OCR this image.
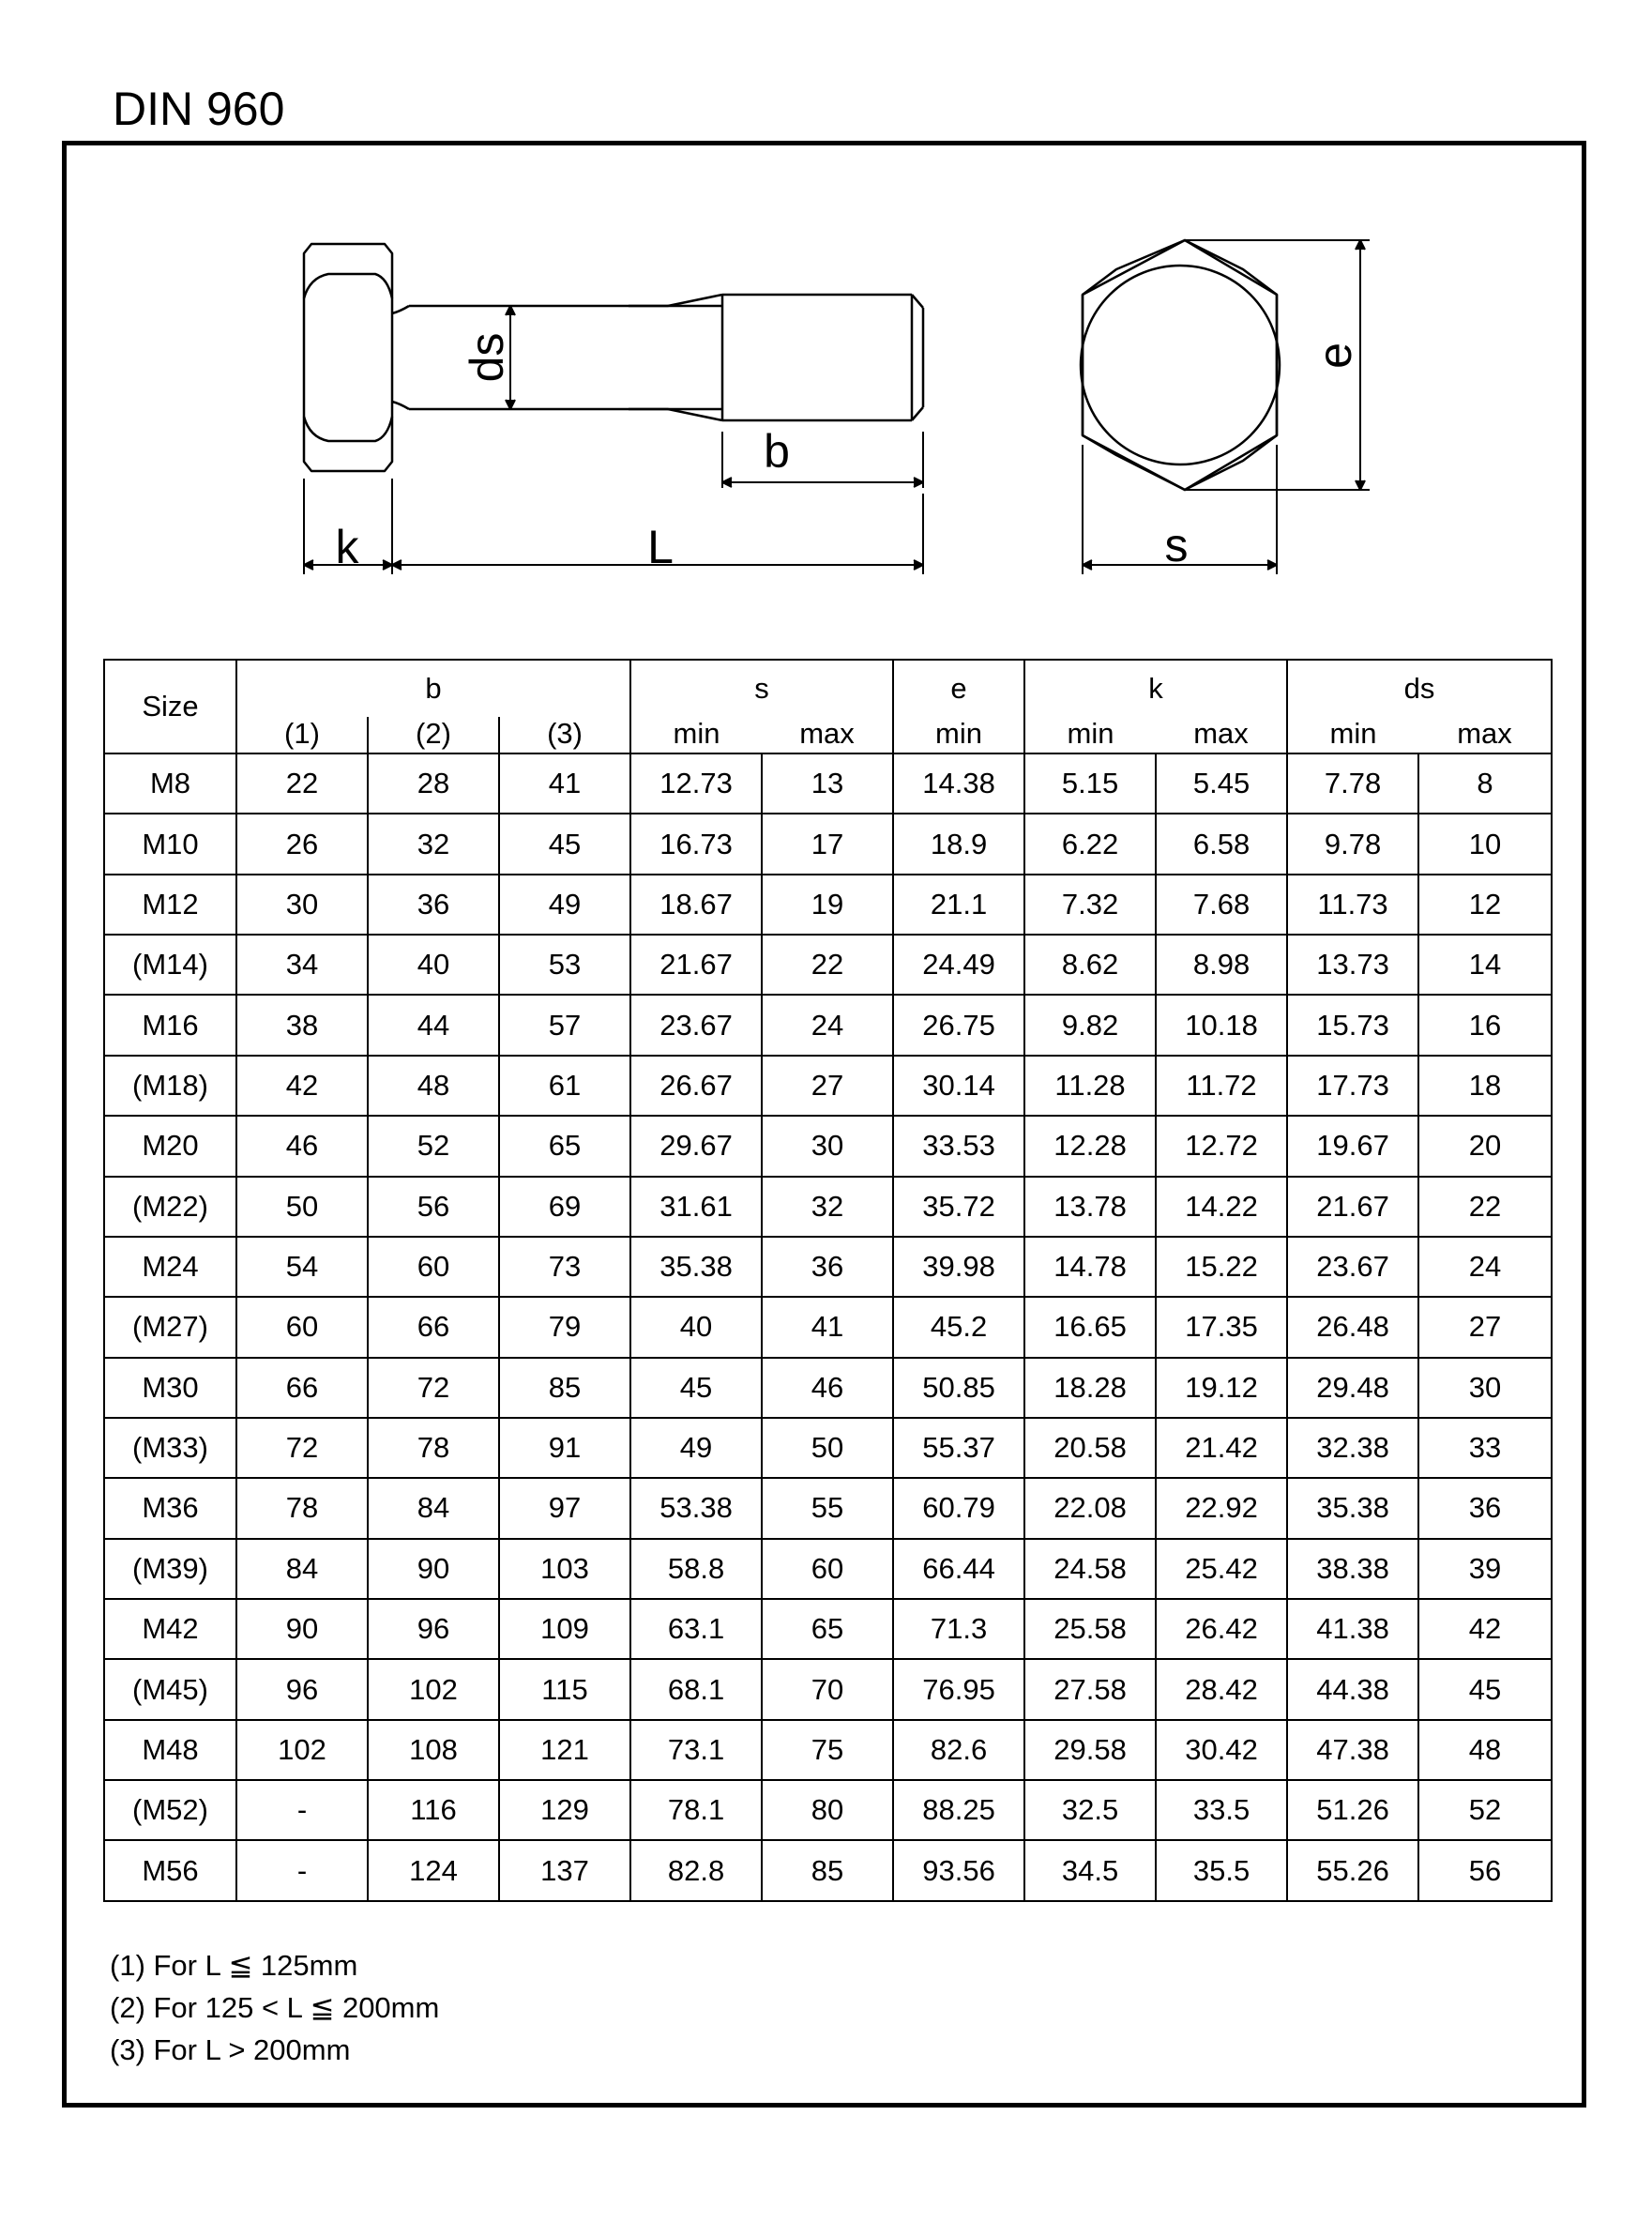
DIN 960
ds
b
k	L
e
s
Size	b			s		e	k		ds	
	(1)	(2)	(3)	min	max	min	min	max	min	max
M8	22	28	41	12.73	13	14.38	5.15	5.45	7.78	8
M10	26	32	45	16.73	17	18.9	6.22	6.58	9.78	10
M12	30	36	49	18.67	19	21.1	7.32	7.68	11.73	12
(M14)	34	40	53	21.67	22	24.49	8.62	8.98	13.73	14
M16	38	44	57	23.67	24	26.75	9.82	10.18	15.73	16
(M18)	42	48	61	26.67	27	30.14	11.28	11.72	17.73	18
M20	46	52	65	29.67	30	33.53	12.28	12.72	19.67	20
(M22)	50	56	69	31.61	32	35.72	13.78	14.22	21.67	22
M24	54	60	73	35.38	36	39.98	14.78	15.22	23.67	24
(M27)	60	66	79	40	41	45.2	16.65	17.35	26.48	27
M30	66	72	85	45	46	50.85	18.28	19.12	29.48	30
(M33)	72	78	91	49	50	55.37	20.58	21.42	32.38	33
M36	78	84	97	53.38	55	60.79	22.08	22.92	35.38	36
(M39)	84	90	103	58.8	60	66.44	24.58	25.42	38.38	39
M42	90	96	109	63.1	65	71.3	25.58	26.42	41.38	42
(M45)	96	102	115	68.1	70	76.95	27.58	28.42	44.38	45
M48	102	108	121	73.1	75	82.6	29.58	30.42	47.38	48
(M52)	-	116	129	78.1	80	88.25	32.5	33.5	51.26	52
M56	-	124	137	82.8	85	93.56	34.5	35.5	55.26	56
(1) For L ≦ 125mm
(2) For 125 < L ≦ 200mm
(3) For L > 200mm
